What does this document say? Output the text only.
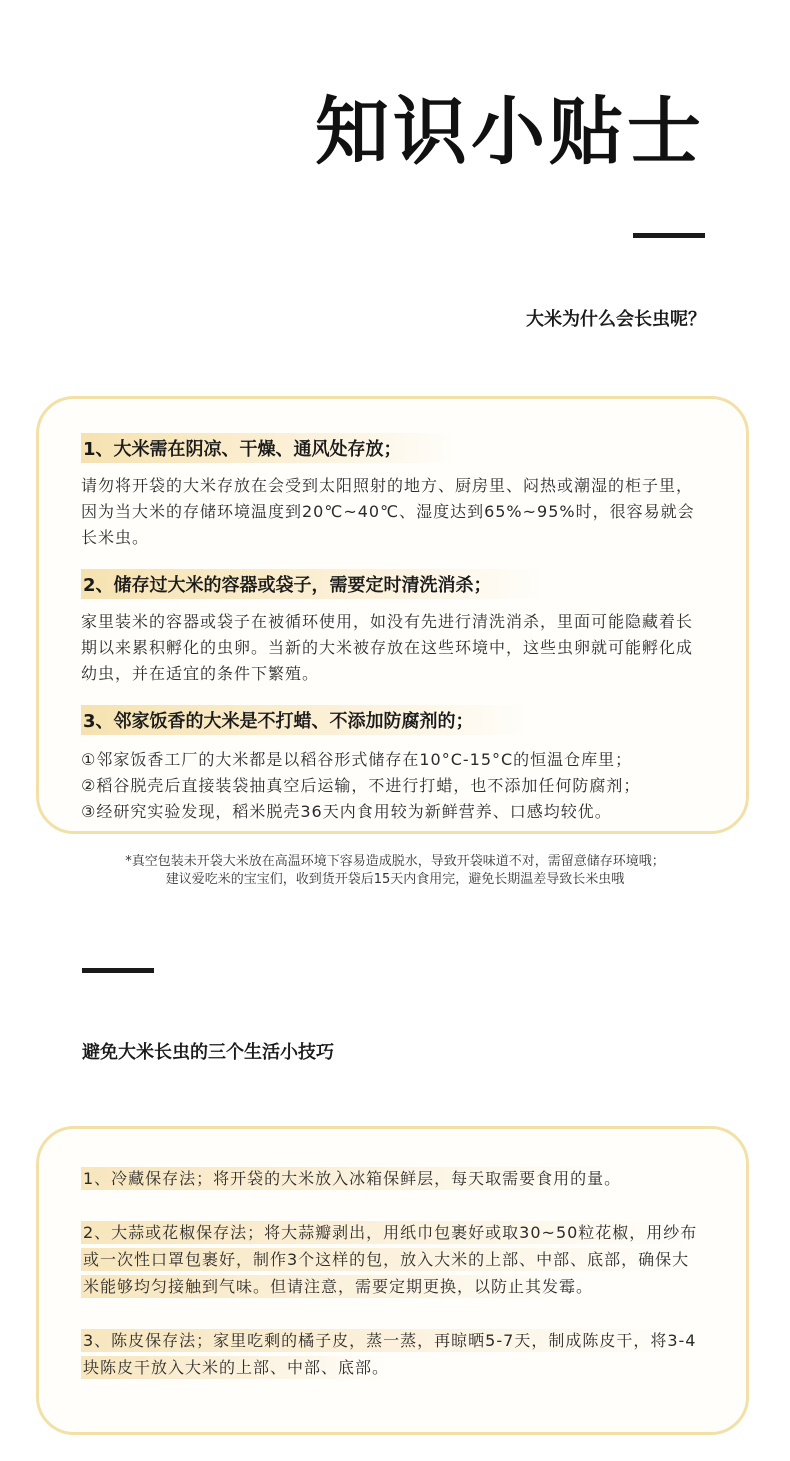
知识小贴士
大米为什么会长虫呢？
1、大米需在阴凉、干燥、通风处存放；
请勿将开袋的大米存放在会受到太阳照射的地方、厨房里、闷热或潮湿的柜子里，因为当大米的存储环境温度到20℃~40℃、湿度达到65%~95%时，很容易就会长米虫。
2、储存过大米的容器或袋子，需要定时清洗消杀；
家里装米的容器或袋子在被循环使用，如没有先进行清洗消杀，里面可能隐藏着长期以来累积孵化的虫卵。当新的大米被存放在这些环境中，这些虫卵就可能孵化成幼虫，并在适宜的条件下繁殖。
3、邻家饭香的大米是不打蜡、不添加防腐剂的；
①邻家饭香工厂的大米都是以稻谷形式储存在10°C-15°C的恒温仓库里；
②稻谷脱壳后直接装袋抽真空后运输，不进行打蜡，也不添加任何防腐剂；
③经研究实验发现，稻米脱壳36天内食用较为新鲜营养、口感均较优。
*真空包装未开袋大米放在高温环境下容易造成脱水，导致开袋味道不对，需留意储存环境哦；
建议爱吃米的宝宝们，收到货开袋后15天内食用完，避免长期温差导致长米虫哦
避免大米长虫的三个生活小技巧
1、冷藏保存法；将开袋的大米放入冰箱保鲜层，每天取需要食用的量。
2、大蒜或花椒保存法；将大蒜瓣剥出，用纸巾包裹好或取30~50粒花椒，用纱布或一次性口罩包裹好，制作3个这样的包，放入大米的上部、中部、底部，确保大米能够均匀接触到气味。但请注意，需要定期更换，以防止其发霉。
3、陈皮保存法；家里吃剩的橘子皮，蒸一蒸，再晾晒5-7天，制成陈皮干，将3-4块陈皮干放入大米的上部、中部、底部。
